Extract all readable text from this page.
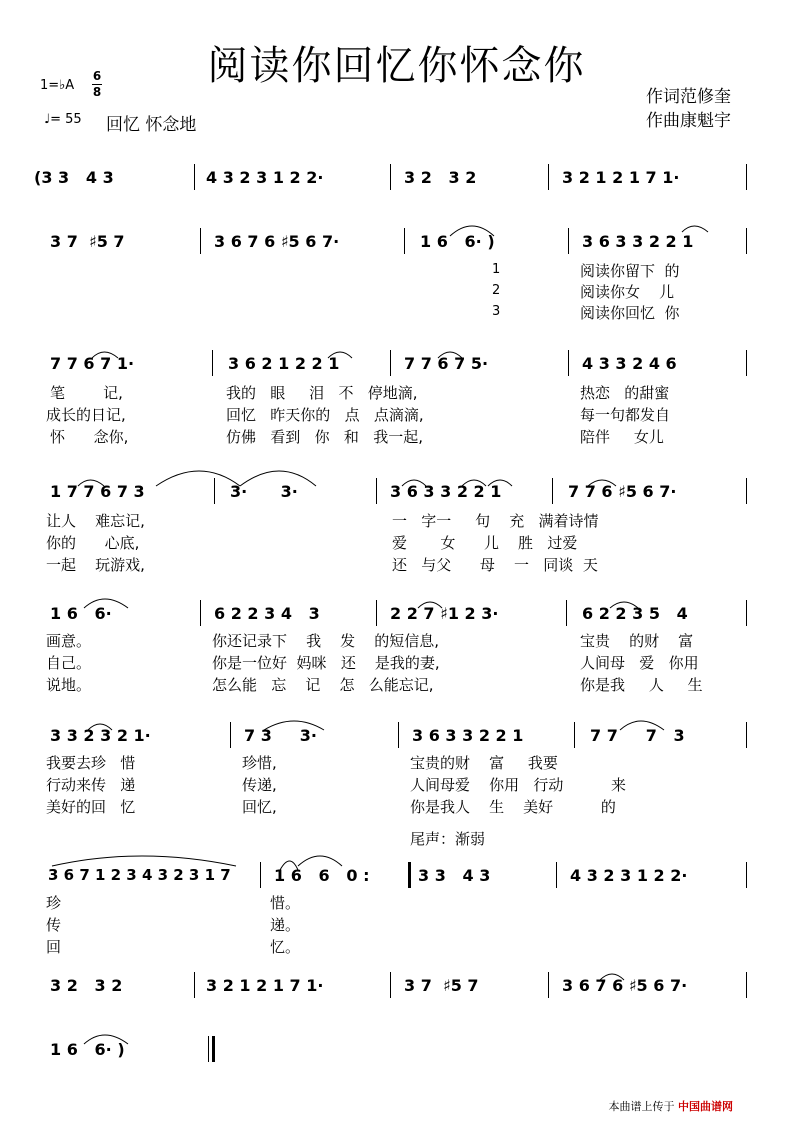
阅读你回忆你怀念你
1=♭A
6
8
♩= 55 回忆 怀念地
作词范修奎
作曲康魁宇
(3 3   4 3	4 3 2 3 1 2 2·	3 2   3 2	3 2 1 2 1 7 1·
3 7  ♯5 7	3 6 7 6 ♯5 6 7·	1 6   6· )	3 6 3 3 2 2 1
1
2
3
阅读你留下  的
阅读你女    儿
阅读你回忆  你
7 7 6 7 1·	3 6 2 1 2 2 1	7 7 6 7 5·	4 3 3 2 4 6
笔        记,	我的   眼     泪   不   停地滴,	热恋   的甜蜜
成长的日记,	回忆   昨天你的   点   点滴滴,	每一句都发自
怀      念你,	仿佛   看到   你   和   我一起,	陪伴     女儿
1 7 7 6 7 3	3·      3·	3 6 3 3 2 2 1	7 7 6 ♯5 6 7·
让人    难忘记,	一   字一     句    充   满着诗情
你的      心底,	爱       女      儿    胜   过爱
一起    玩游戏,	还   与父      母    一   同谈  天
1 6   6·	6 2 2 3 4   3	2 2 7 ♯1 2 3·	6 2 2 3 5   4
画意。	你还记录下    我    发    的短信息,	宝贵    的财    富
自己。	你是一位好  妈咪   还    是我的妻,	人间母   爱   你用
说地。	怎么能   忘    记    怎   么能忘记,	你是我     人     生
3 3 2 3 2 1·	7 3     3·	3 6 3 3 2 2 1	7 7     7   3
我要去珍   惜	珍惜,	宝贵的财    富     我要
行动来传   递	传递,	人间母爱    你用   行动          来
美好的回   忆	回忆,	你是我人    生    美好          的
尾声：渐弱
3 6 7 1 2 3 4 3 2 3 1 7	1 6   6   0 :	3 3   4 3	4 3 2 3 1 2 2·
珍	惜。
传	递。
回	忆。
3 2   3 2	3 2 1 2 1 7 1·	3 7  ♯5 7	3 6 7 6 ♯5 6 7·
1 6   6· )
本曲谱上传于 中国曲谱网
